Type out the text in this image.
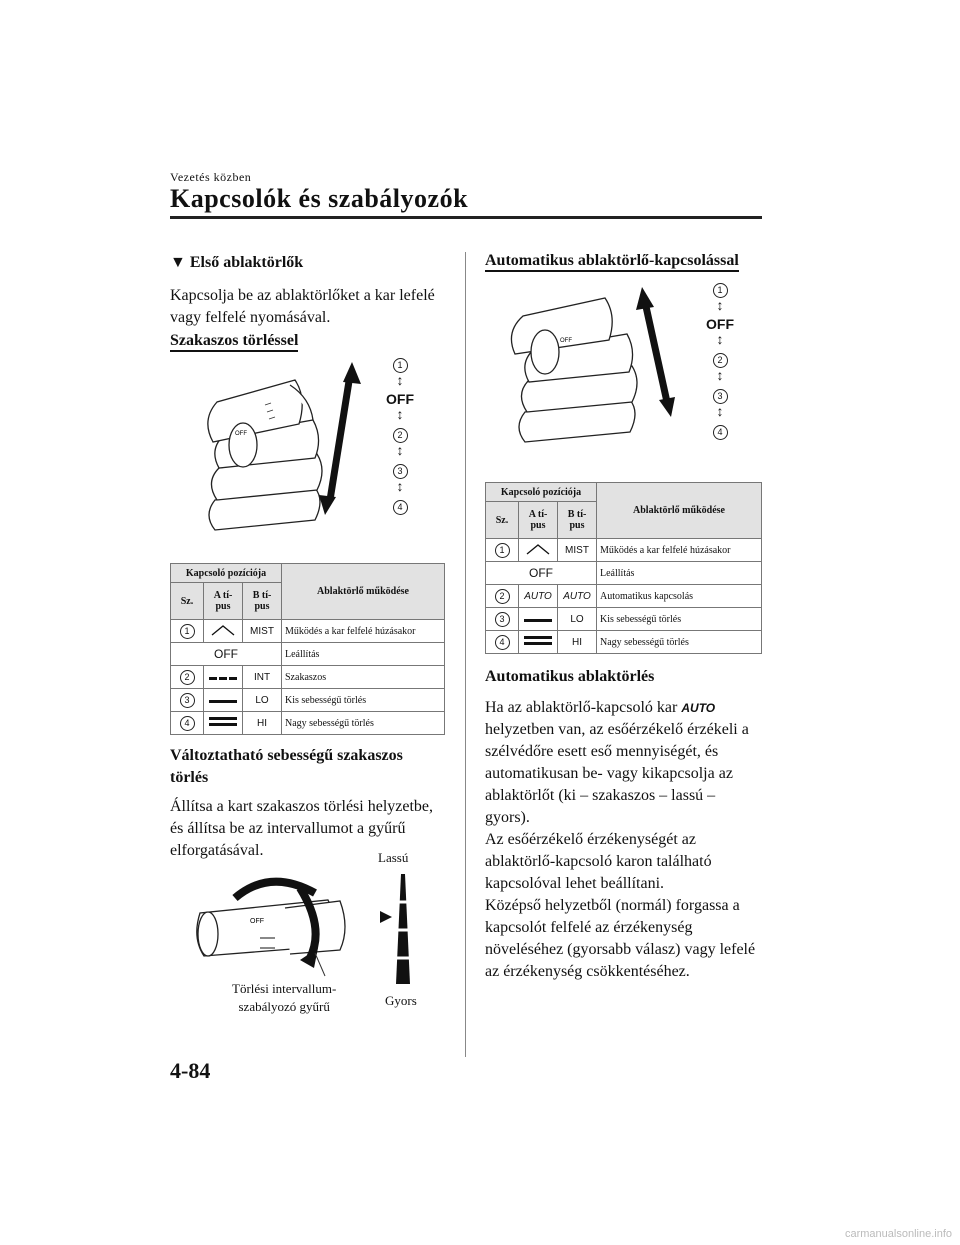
Vezetés közben
Kapcsolók és szabályozók
▼ Első ablaktörlők
Kapcsolja be az ablaktörlőket a kar lefelé
vagy felfelé nyomásával.
Szakaszos törléssel
OFF
1
↕
OFF
↕
2
↕
3
↕
4
Kapcsoló pozíciója			Ablaktörlő működése
Sz.	A tí-pus	B tí-pus	
1		MIST	Működés a kar felfelé húzásakor
OFF			Leállítás
2		INT	Szakaszos
3		LO	Kis sebességű törlés
4		HI	Nagy sebességű törlés
Változtatható sebességű szakaszos
törlés
Állítsa a kart szakaszos törlési helyzetbe,
és állítsa be az intervallumot a gyűrű
elforgatásával.
OFF
Lassú
Gyors
Törlési intervallum-
szabályozó gyűrű
Automatikus ablaktörlő-kapcsolással
OFF
1
↕
OFF
↕
2
↕
3
↕
4
Kapcsoló pozíciója			Ablaktörlő működése
Sz.	A tí-pus	B tí-pus	
1		MIST	Működés a kar felfelé húzásakor
OFF			Leállítás
2	AUTO	AUTO	Automatikus kapcsolás
3		LO	Kis sebességű törlés
4		HI	Nagy sebességű törlés
Automatikus ablaktörlés
Ha az ablaktörlő-kapcsoló kar AUTO
helyzetben van, az esőérzékelő érzékeli a
szélvédőre esett eső mennyiségét, és
automatikusan be- vagy kikapcsolja az
ablaktörlőt (ki – szakaszos – lassú –
gyors).
Az esőérzékelő érzékenységét az
ablaktörlő-kapcsoló karon található
kapcsolóval lehet beállítani.
Középső helyzetből (normál) forgassa a
kapcsolót felfelé az érzékenység
növeléséhez (gyorsabb válasz) vagy lefelé
az érzékenység csökkentéséhez.
4-84
carmanualsonline.info
